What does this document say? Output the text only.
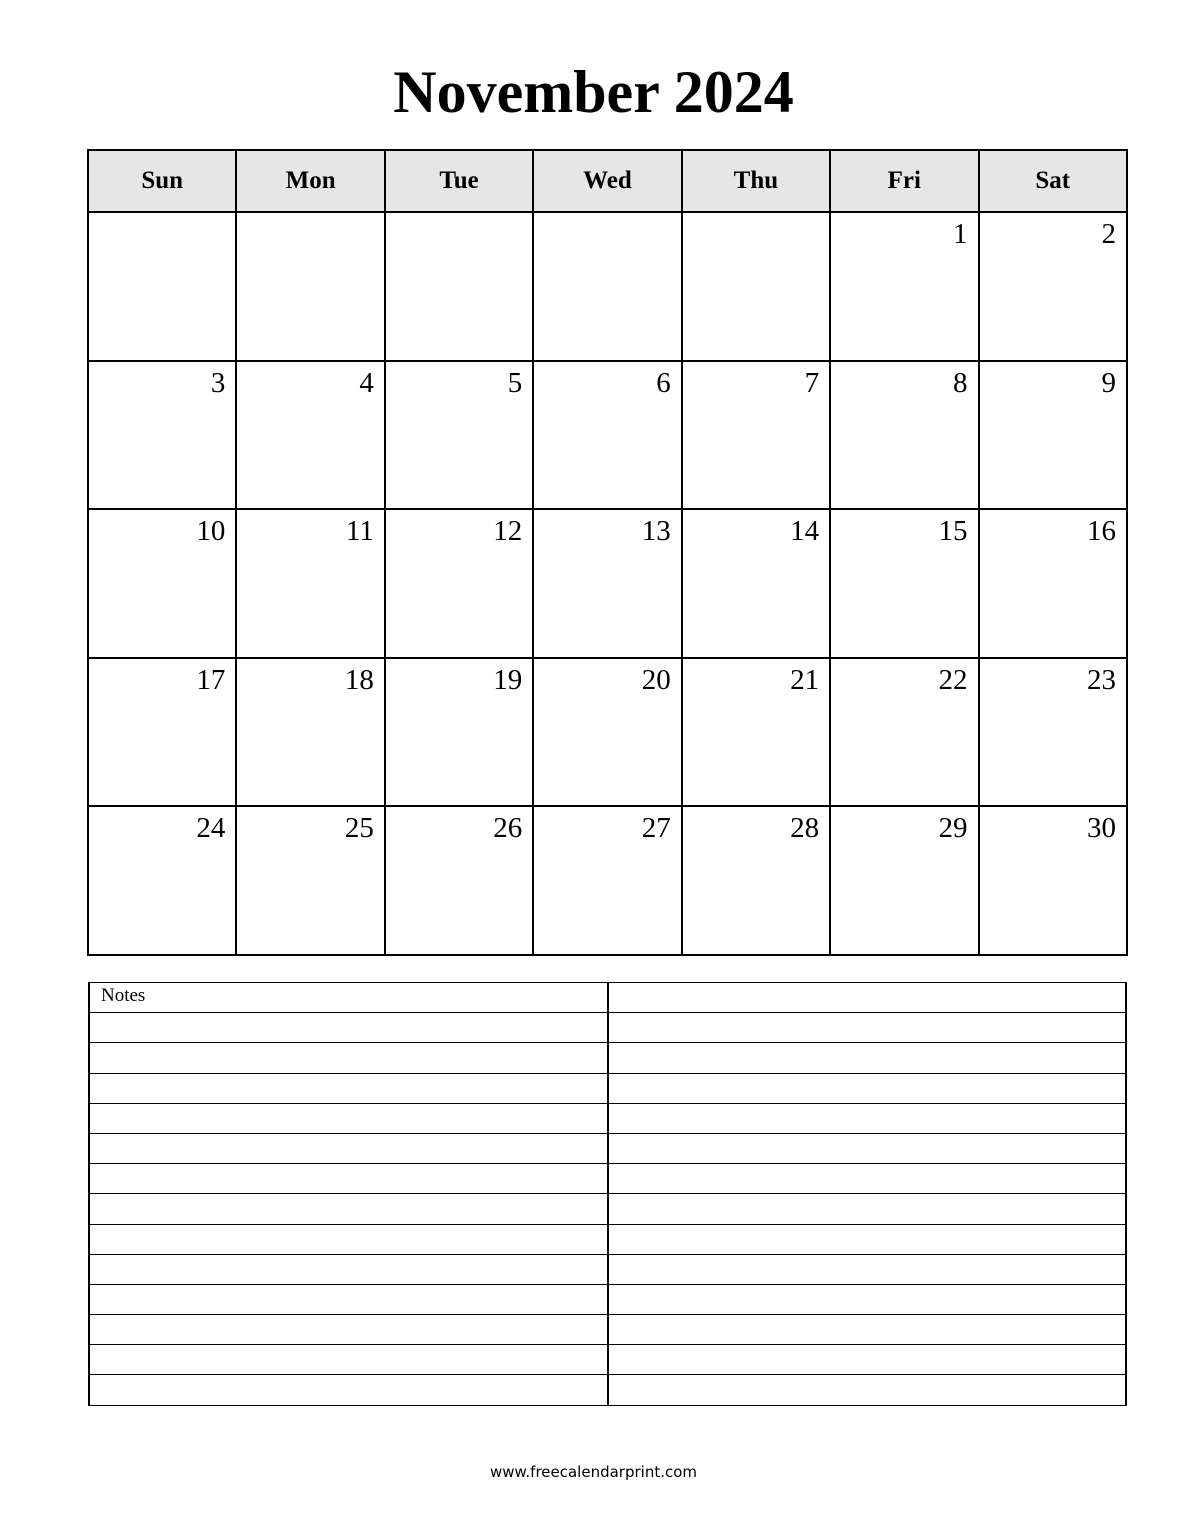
November 2024
Sun	Mon	Tue	Wed	Thu	Fri	Sat

					1	2

3	4	5	6	7	8	9

10	11	12	13	14	15	16

17	18	19	20	21	22	23

24	25	26	27	28	29	30
Notes	

www.freecalendarprint.com
